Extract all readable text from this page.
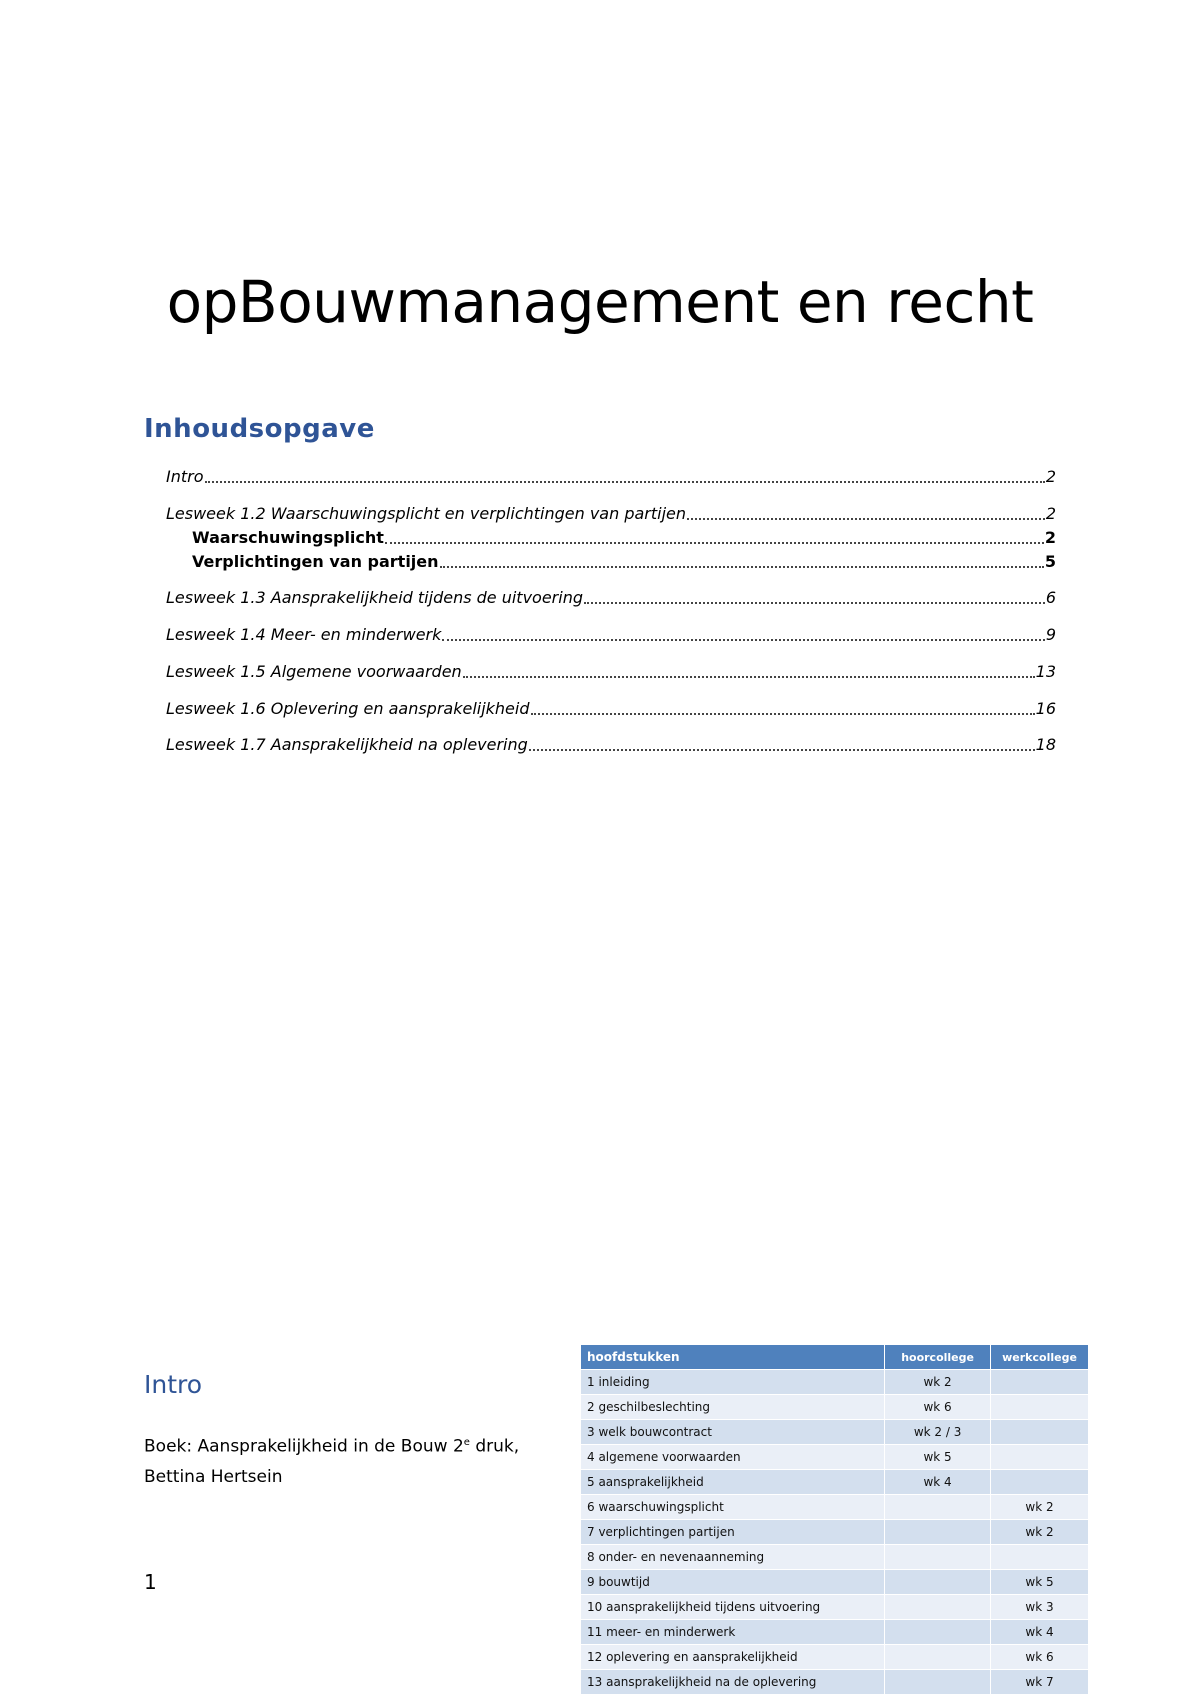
opBouwmanagement en recht
Inhoudsopgave
Intro	2
Lesweek 1.2 Waarschuwingsplicht en verplichtingen van partijen	2
Waarschuwingsplicht	2
Verplichtingen van partijen	5
Lesweek 1.3 Aansprakelijkheid tijdens de uitvoering	6
Lesweek 1.4 Meer- en minderwerk	9
Lesweek 1.5 Algemene voorwaarden	13
Lesweek 1.6 Oplevering en aansprakelijkheid	16
Lesweek 1.7 Aansprakelijkheid na oplevering	18
Intro

Boek: Aansprakelijkheid in de Bouw 2e druk,
Bettina Hertsein

1

hoofdstukken	hoorcollege	werkcollege
1 inleiding	wk 2	
2 geschilbeslechting	wk 6	
3 welk bouwcontract	wk 2 / 3	
4 algemene voorwaarden	wk 5	
5 aansprakelijkheid	wk 4	
6 waarschuwingsplicht		wk 2
7 verplichtingen partijen		wk 2
8 onder- en nevenaanneming		
9 bouwtijd		wk 5
10 aansprakelijkheid tijdens uitvoering		wk 3
11 meer- en minderwerk		wk 4
12 oplevering en aansprakelijkheid		wk 6
13 aansprakelijkheid na de oplevering		wk 7
